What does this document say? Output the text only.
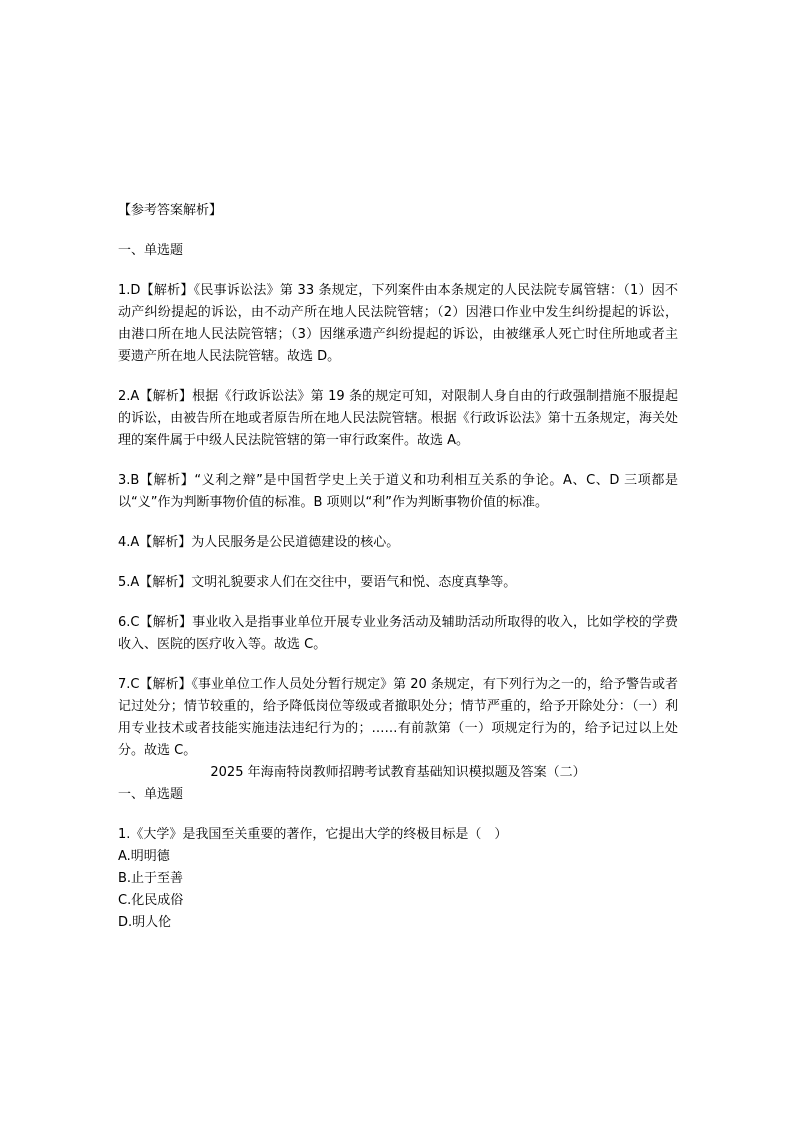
【参考答案解析】

一、单选题

1.D【解析】《民事诉讼法》第 33 条规定，下列案件由本条规定的人民法院专属管辖：（1）因不动产纠纷提起的诉讼，由不动产所在地人民法院管辖；（2）因港口作业中发生纠纷提起的诉讼，由港口所在地人民法院管辖；（3）因继承遗产纠纷提起的诉讼，由被继承人死亡时住所地或者主要遗产所在地人民法院管辖。故选 D。

2.A【解析】根据《行政诉讼法》第 19 条的规定可知，对限制人身自由的行政强制措施不服提起的诉讼，由被告所在地或者原告所在地人民法院管辖。根据《行政诉讼法》第十五条规定，海关处理的案件属于中级人民法院管辖的第一审行政案件。故选 A。

3.B【解析】“义利之辩”是中国哲学史上关于道义和功利相互关系的争论。A、C、D 三项都是以“义”作为判断事物价值的标准。B 项则以“利”作为判断事物价值的标准。

4.A【解析】为人民服务是公民道德建设的核心。

5.A【解析】文明礼貌要求人们在交往中，要语气和悦、态度真挚等。

6.C【解析】事业收入是指事业单位开展专业业务活动及辅助活动所取得的收入，比如学校的学费收入、医院的医疗收入等。故选 C。

7.C【解析】《事业单位工作人员处分暂行规定》第 20 条规定，有下列行为之一的，给予警告或者记过处分；情节较重的，给予降低岗位等级或者撤职处分；情节严重的，给予开除处分：（一）利用专业技术或者技能实施违法违纪行为的；……有前款第（一）项规定行为的，给予记过以上处分。故选 C。

2025 年海南特岗教师招聘考试教育基础知识模拟题及答案（二）

一、单选题

1.《大学》是我国至关重要的著作，它提出大学的终极目标是（　）

A.明明德

B.止于至善

C.化民成俗

D.明人伦
